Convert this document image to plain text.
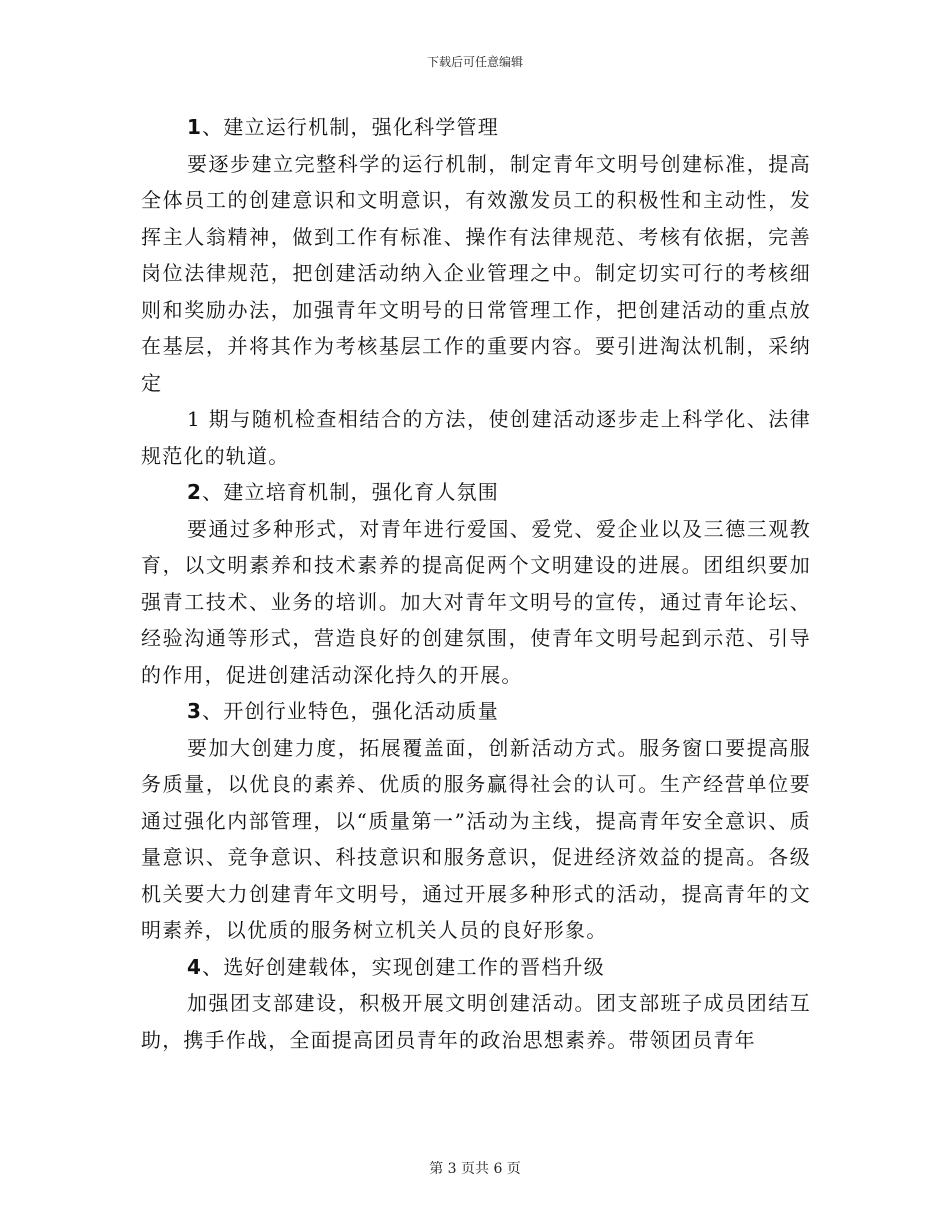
下载后可任意编辑

1、建立运行机制，强化科学管理

要逐步建立完整科学的运行机制，制定青年文明号创建标准，提高全体员工的创建意识和文明意识，有效激发员工的积极性和主动性，发挥主人翁精神，做到工作有标准、操作有法律规范、考核有依据，完善岗位法律规范，把创建活动纳入企业管理之中。制定切实可行的考核细则和奖励办法，加强青年文明号的日常管理工作，把创建活动的重点放在基层，并将其作为考核基层工作的重要内容。要引进淘汰机制，采纳定

1 期与随机检查相结合的方法，使创建活动逐步走上科学化、法律规范化的轨道。

2、建立培育机制，强化育人氛围

要通过多种形式，对青年进行爱国、爱党、爱企业以及三德三观教育，以文明素养和技术素养的提高促两个文明建设的进展。团组织要加强青工技术、业务的培训。加大对青年文明号的宣传，通过青年论坛、经验沟通等形式，营造良好的创建氛围，使青年文明号起到示范、引导的作用，促进创建活动深化持久的开展。

3、开创行业特色，强化活动质量

要加大创建力度，拓展覆盖面，创新活动方式。服务窗口要提高服务质量，以优良的素养、优质的服务赢得社会的认可。生产经营单位要通过强化内部管理，以“质量第一”活动为主线，提高青年安全意识、质量意识、竞争意识、科技意识和服务意识，促进经济效益的提高。各级机关要大力创建青年文明号，通过开展多种形式的活动，提高青年的文明素养，以优质的服务树立机关人员的良好形象。

4、选好创建载体，实现创建工作的晋档升级

加强团支部建设，积极开展文明创建活动。团支部班子成员团结互助，携手作战，全面提高团员青年的政治思想素养。带领团员青年

第 3 页共 6 页
